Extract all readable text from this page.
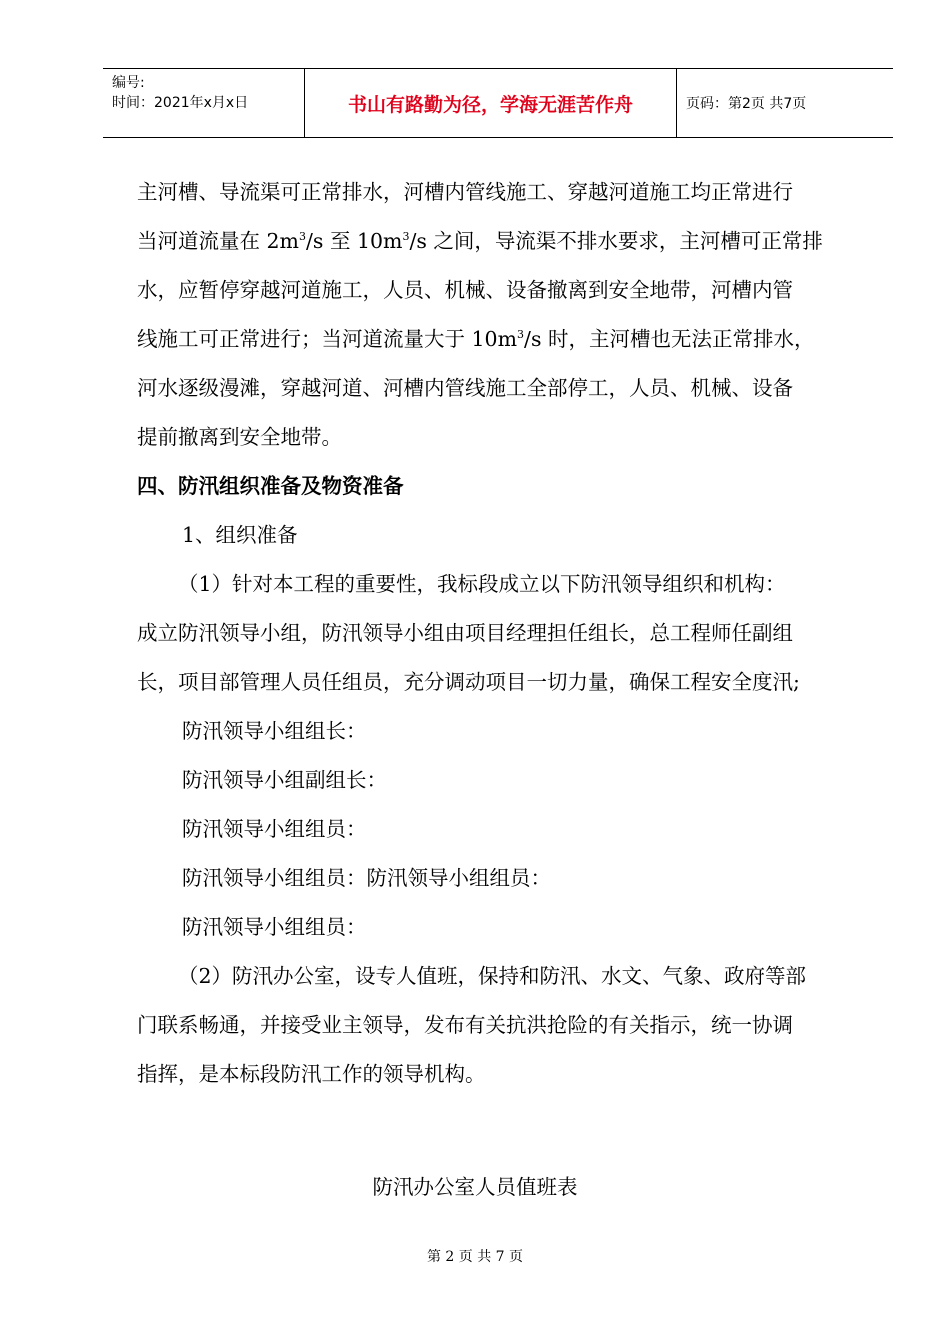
编号:
时间：2021年x月x日	书山有路勤为径，学海无涯苦作舟	页码：第2页 共7页

主河槽、导流渠可正常排水，河槽内管线施工、穿越河道施工均正常进行

当河道流量在 $2m^3/s$ 至 $10m^3/s$ 之间，导流渠不排水要求，主河槽可正常排

水，应暂停穿越河道施工，人员、机械、设备撤离到安全地带，河槽内管

线施工可正常进行；当河道流量大于 $10m^3/s$ 时，主河槽也无法正常排水，

河水逐级漫滩，穿越河道、河槽内管线施工全部停工，人员、机械、设备

提前撤离到安全地带。

四、防汛组织准备及物资准备

1、组织准备

（1）针对本工程的重要性，我标段成立以下防汛领导组织和机构：

成立防汛领导小组，防汛领导小组由项目经理担任组长，总工程师任副组

长，项目部管理人员任组员，充分调动项目一切力量，确保工程安全度汛;

防汛领导小组组长：

防汛领导小组副组长：

防汛领导小组组员：

防汛领导小组组员：防汛领导小组组员：

防汛领导小组组员：

（2）防汛办公室，设专人值班，保持和防汛、水文、气象、政府等部

门联系畅通，并接受业主领导，发布有关抗洪抢险的有关指示，统一协调

指挥，是本标段防汛工作的领导机构。

防汛办公室人员值班表
第 2 页 共 7 页
